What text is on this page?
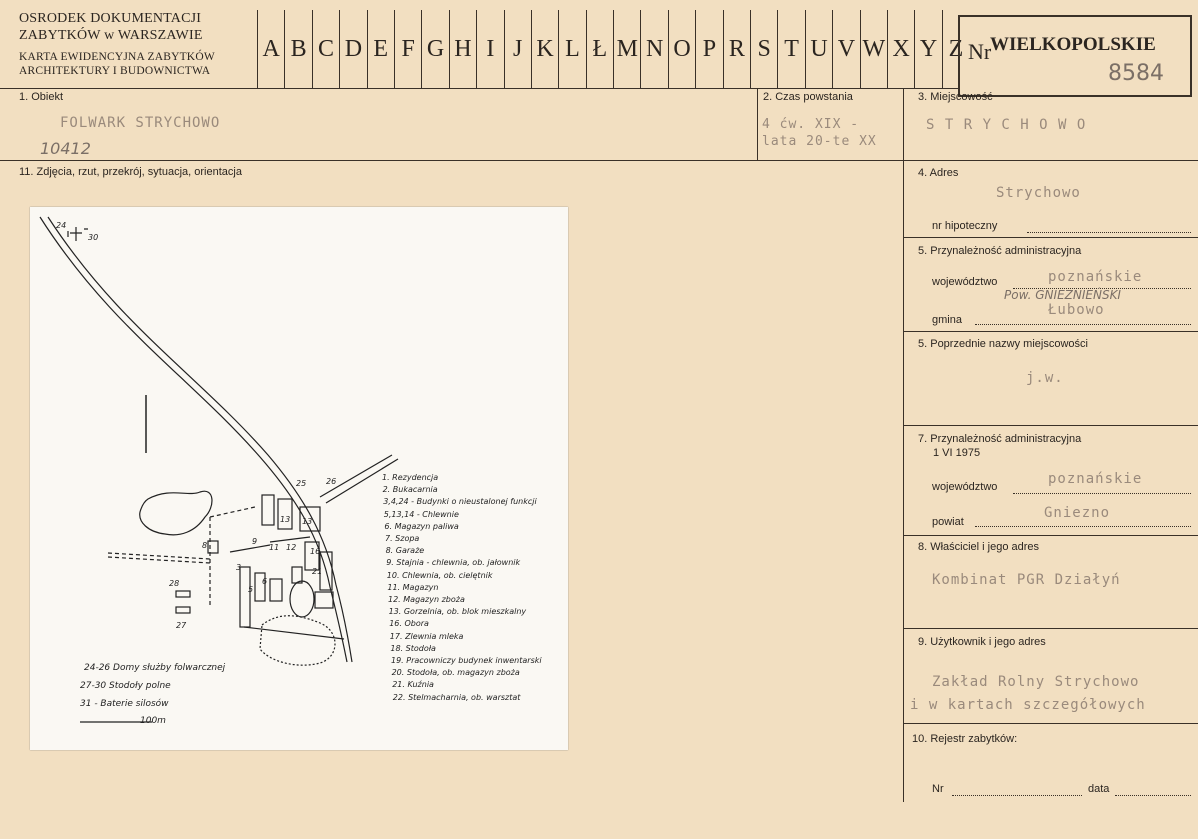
OSRODEK DOKUMENTACJI
ZABYTKÓW w WARSZAWIE
KARTA EWIDENCYJNA ZABYTKÓW
ARCHITEKTURY I BUDOWNICTWA
A B C D E F G H I J K L Ł M N O P R S T U V W X Y Z Nr
WIELKOPOLSKIE
8584
1. Obiekt
FOLWARK STRYCHOWO
10412
2. Czas powstania
4 ćw. XIX -
lata 20-te XX
3. Miejscowość
S T R Y C H O W O
11. Zdjęcia, rzut, przekrój, sytuacja, orientacja	4. Adres
Strychowo
nr hipoteczny
5. Przynależność administracyjna
województwo	poznańskie
Pow. GNIEZNIEŃSKI
Łubowo
gmina
5. Poprzednie nazwy miejscowości
j.w.
7. Przynależność administracyjna
1 VI 1975
poznańskie
województwo
Gniezno
powiat
8. Właściciel i jego adres
Kombinat PGR Działyń
9. Użytkownik i jego adres
Zakład Rolny Strychowo
i w kartach szczegółowych
10. Rejestr zabytków:
Nr	data
24
30
25 26
13 13
9
11 12 16
8
3
5
6
21
28
27
24-26 Domy służby folwarcznej
27-30 Stodoły polne
31 - Baterie silosów
100m
1. Rezydencja
2. Bukacarnia
3,4,24 - Budynki o nieustalonej funkcji
5,13,14 - Chlewnie
6. Magazyn paliwa
7. Szopa
8. Garaże
9. Stajnia - chlewnia, ob. jałownik
10. Chlewnia, ob. cielętnik
11. Magazyn
12. Magazyn zboża
13. Gorzelnia, ob. blok mieszkalny
16. Obora
17. Zlewnia mleka
18. Stodoła
19. Pracowniczy budynek inwentarski
20. Stodoła, ob. magazyn zboża
21. Kuźnia
22. Stelmacharnia, ob. warsztat
